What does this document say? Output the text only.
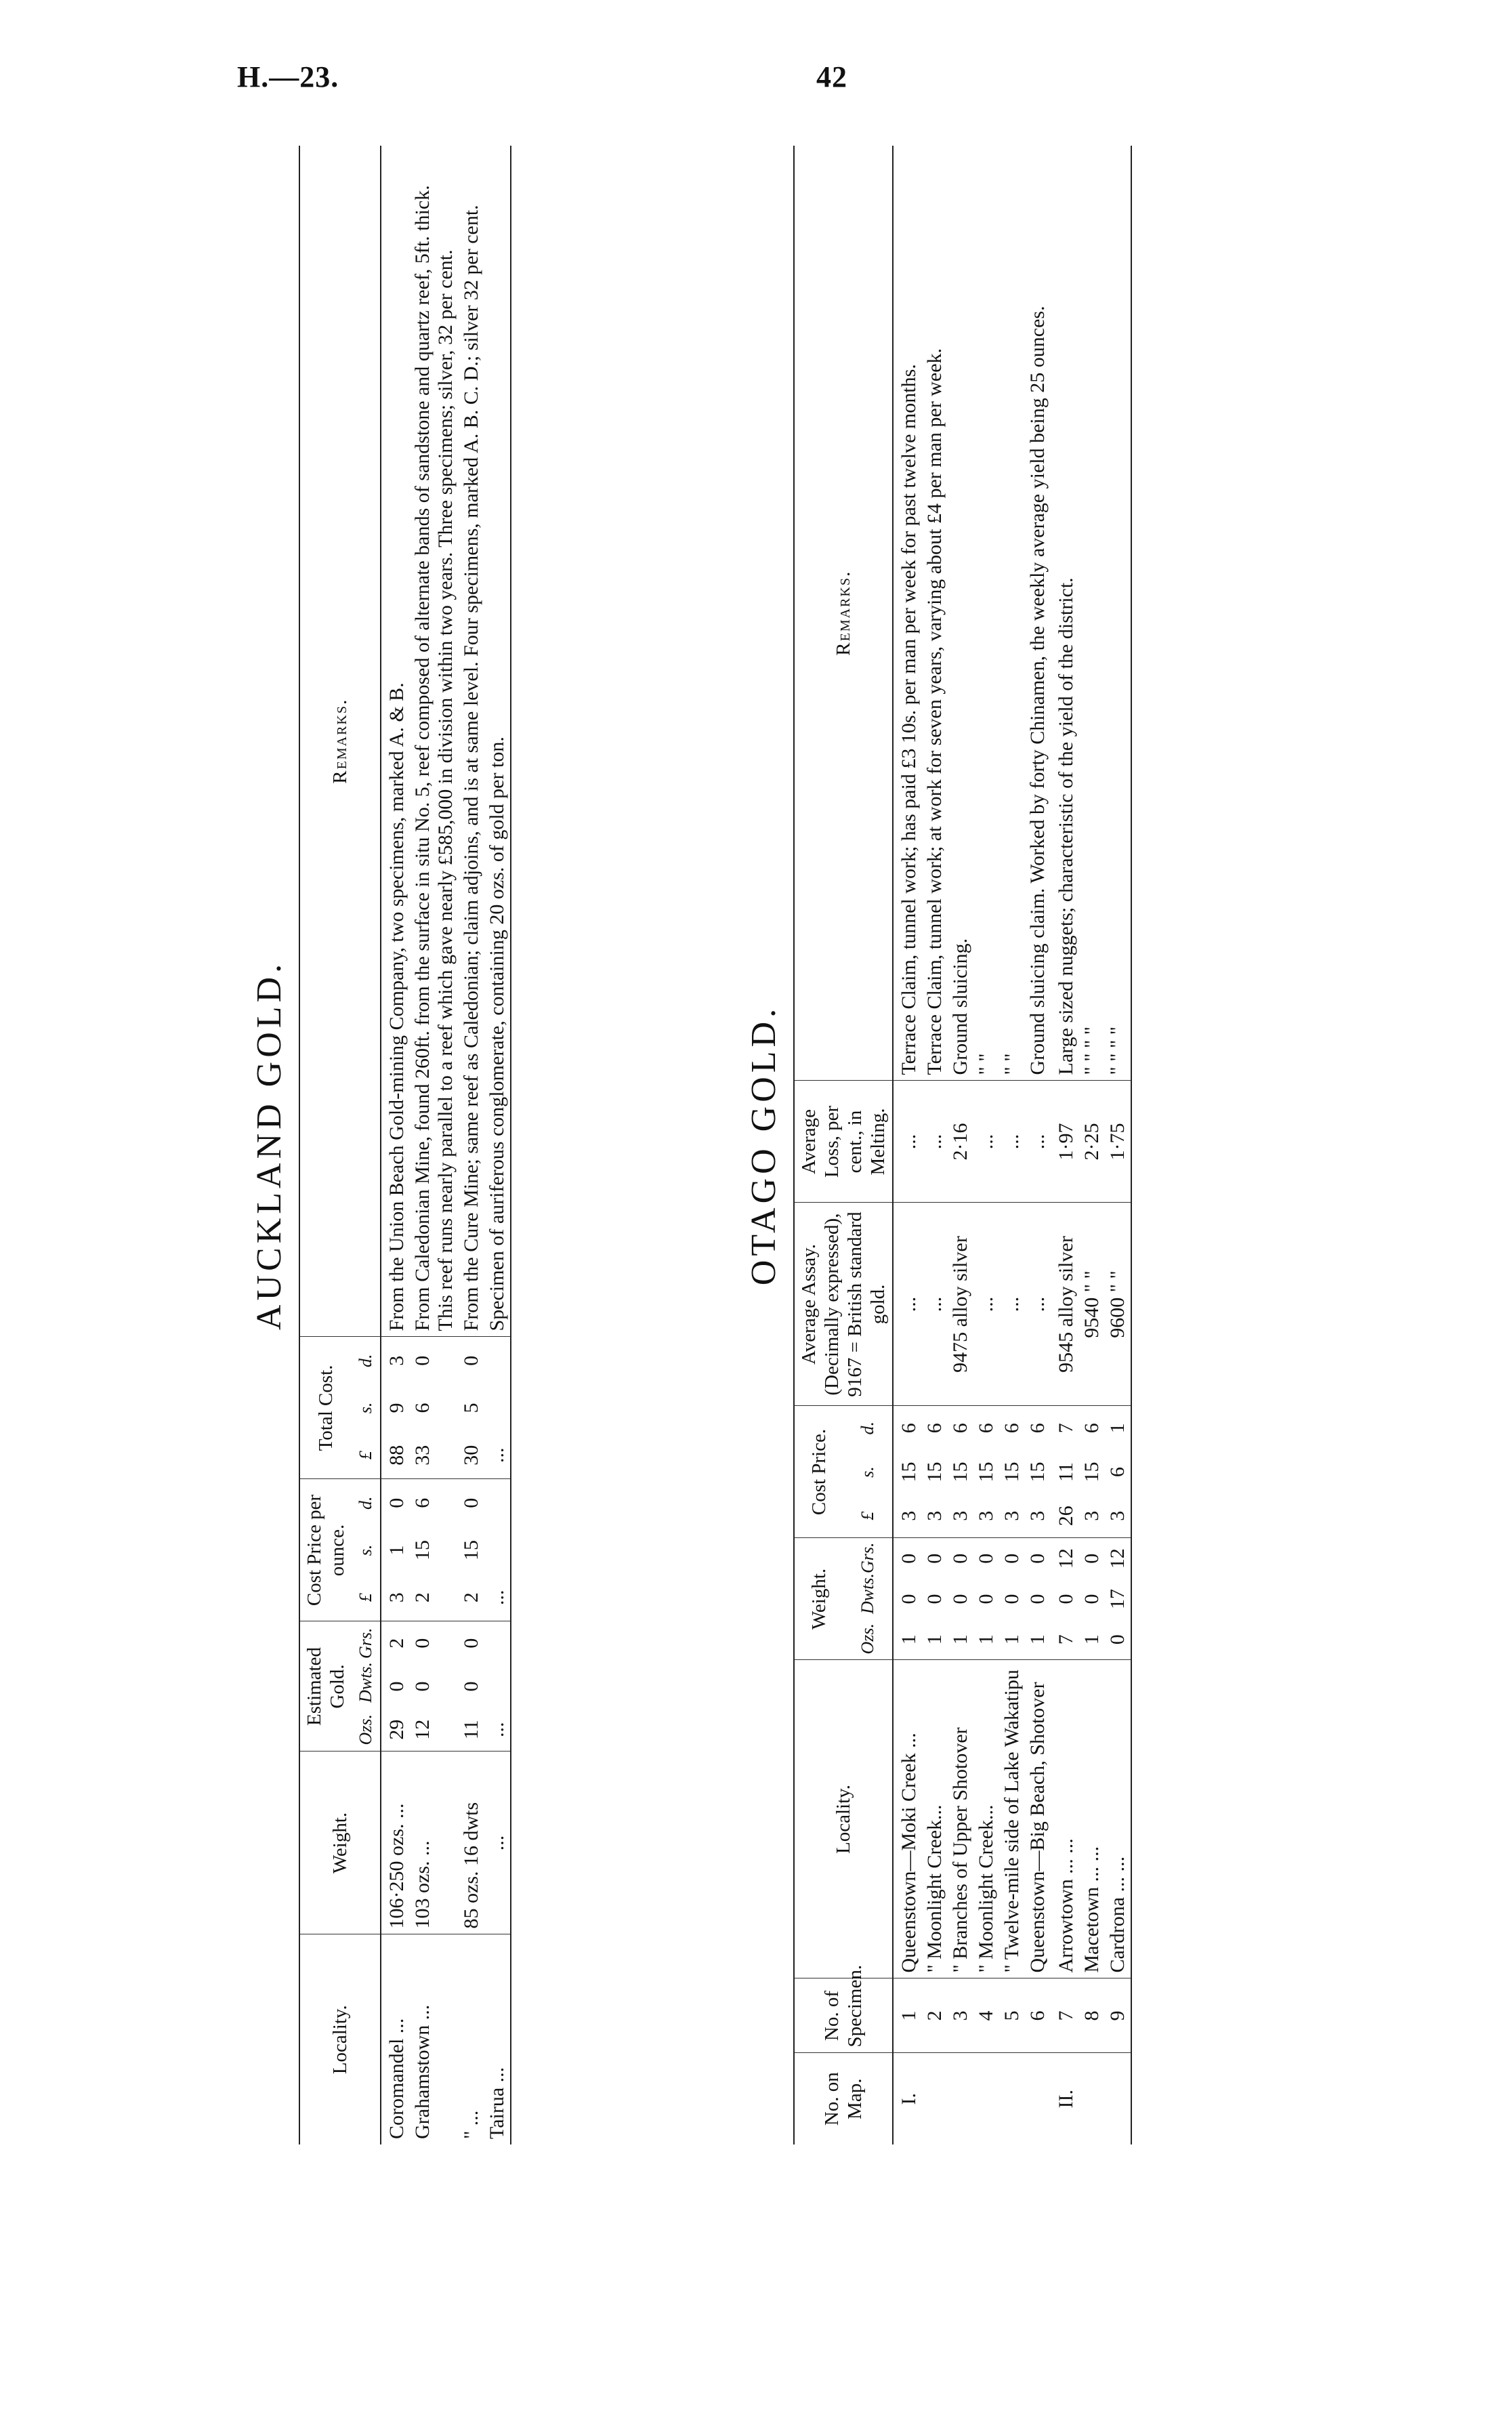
H.—23.	42
AUCKLAND GOLD.
Locality.	Weight.	Estimated Gold.			Cost Price per ounce.			Total Cost.			Remarks.
		Ozs.	Dwts.	Grs.	£	s.	d.	£	s.	d.	
Coromandel ...	106·250 ozs. ...	29	0	2	3	1	0	88	9	3	From the Union Beach Gold-mining Company, two specimens, marked A. & B.
Grahamstown ...	103 ozs. ...	12	0	0	2	15	6	33	6	0	From Caledonian Mine, found 260ft. from the surface in situ No. 5, reef composed of alternate bands of sandstone and quartz reef, 5ft. thick. This reef runs nearly parallel to a reef which gave nearly £585,000 in division within two years. Three specimens; silver, 32 per cent.
" ...	85 ozs. 16 dwts	11	0	0	2	15	0	30	5	0	From the Cure Mine; same reef as Caledonian; claim adjoins, and is at same level. Four specimens, marked A. B. C. D.; silver 32 per cent.
Tairua ...	...	...			...			...			Specimen of auriferous conglomerate, containing 20 ozs. of gold per ton.	OTAGO GOLD.
No. on Map.	No. of Specimen.	Locality.	Weight.			Cost Price.			Average Assay. (Decimally expressed), 9167 = British standard gold.	Average Loss, per cent., in Melting.	Remarks.
			Ozs.	Dwts.	Grs.	£	s.	d.			
I.	1	Queenstown—Moki Creek ...	1	0	0	3	15	6	...	...	Terrace Claim, tunnel work; has paid £3 10s. per man per week for past twelve months.
	2	" Moonlight Creek...	1	0	0	3	15	6	...	...	Terrace Claim, tunnel work; at work for seven years, varying about £4 per man per week.
	3	" Branches of Upper Shotover	1	0	0	3	15	6	9475 alloy silver	2·16	Ground sluicing.
	4	" Moonlight Creek...	1	0	0	3	15	6	...	...	" "
	5	" Twelve-mile side of Lake Wakatipu	1	0	0	3	15	6	...	...	" "
	6	Queenstown—Big Beach, Shotover	1	0	0	3	15	6	...	...	Ground sluicing claim. Worked by forty Chinamen, the weekly average yield being 25 ounces.
II.	7	Arrowtown ... ...	7	0	12	26	11	7	9545 alloy silver	1·97	Large sized nuggets; characteristic of the yield of the district.
	8	Macetown ... ...	1	0	0	3	15	6	9540 " "	2·25	" " " "
	9	Cardrona ... ...	0	17	12	3	6	1	9600 " "	1·75	" " " "
